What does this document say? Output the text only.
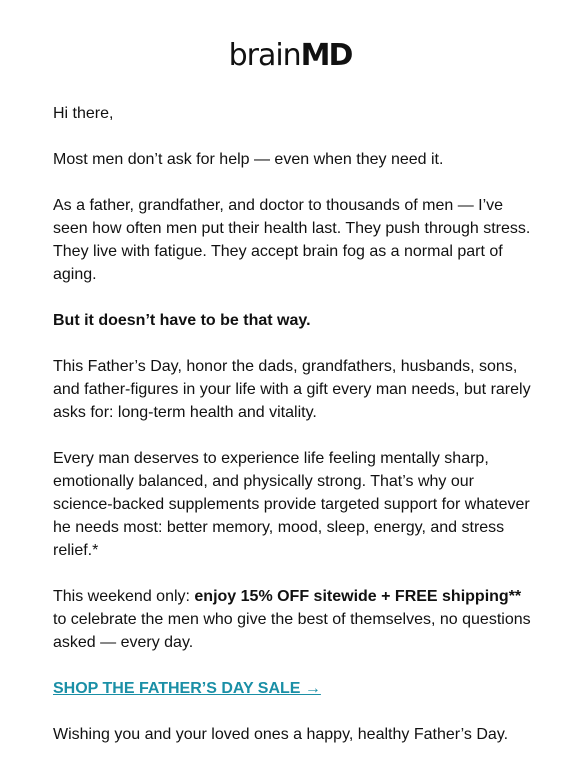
brainMD

Hi there,

Most men don’t ask for help — even when they need it.

As a father, grandfather, and doctor to thousands of men — I’ve seen how often men put their health last. They push through stress. They live with fatigue. They accept brain fog as a normal part of aging.

But it doesn’t have to be that way.

This Father’s Day, honor the dads, grandfathers, husbands, sons, and father-figures in your life with a gift every man needs, but rarely asks for: long-term health and vitality.

Every man deserves to experience life feeling mentally sharp, emotionally balanced, and physically strong. That’s why our science-backed supplements provide targeted support for whatever he needs most: better memory, mood, sleep, energy, and stress relief.*

This weekend only: enjoy 15% OFF sitewide + FREE shipping** to celebrate the men who give the best of themselves, no questions asked — every day.

SHOP THE FATHER’S DAY SALE →

Wishing you and your loved ones a happy, healthy Father’s Day.
